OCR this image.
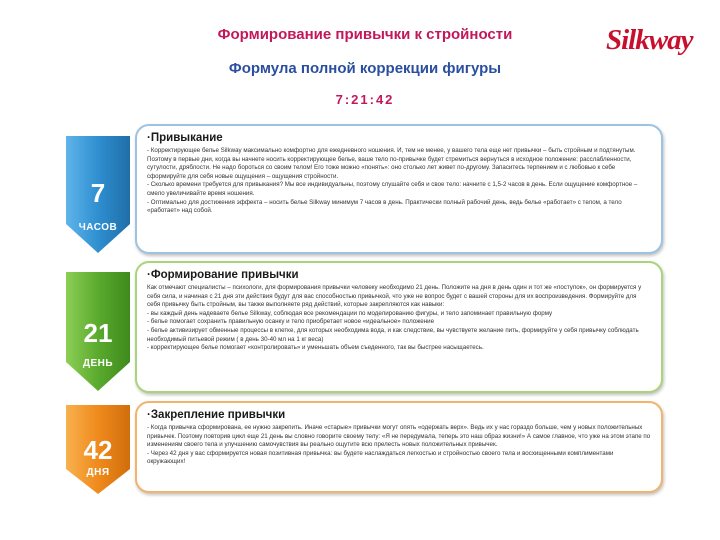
Формирование привычки к стройности
Формула полной коррекции фигуры
7:21:42
Silkway
7
ЧАСОВ
21
ДЕНЬ
42
ДНЯ
·Привыкание

- Корректирующее белье Silkway максимально комфортно для ежедневного ношения. И, тем не менее, у вашего тела еще нет привычки – быть стройным и подтянутым. Поэтому в первые дни, когда вы начнете носить корректирующее белье, ваше тело по-привычке будет стремиться вернуться в исходное положение: расслабленности, сутулости, дряблости. Не надо бороться со своим телом! Его тоже можно «понять»: оно столько лет живет по-другому. Запаситесь терпением и с любовью к себе сформируйте для себя новые ощущения – ощущения стройности.

- Сколько времени требуется для привыкания? Мы все индивидуальны, поэтому слушайте себя и свое тело: начните с 1,5-2 часов в день. Если ощущение комфортное – смело увеличивайте время ношения.

- Оптимально для достижения эффекта – носить белье Silkway минимум 7 часов в день. Практически полный рабочий день, ведь белье «работает» с телом, а тело «работает» над собой.

·Формирование привычки

Как отмечают специалисты – психологи, для формирования привычки человеку необходимо 21 день. Положите на дня в день один и тот же «поступок», он формируется у себя сила, и начиная с 21 дня эти действия будут для вас способностью привычкой, что уже не вопрос будет с вашей стороны для их воспроизведения. Формируйте для себя привычку быть стройным, вы также выполняете ряд действий, которые закрепляются как навыки:

- вы каждый день надеваете белье Silkway, соблюдая все рекомендации по моделированию фигуры, и тело запоминает правильную форму

- белье помогает сохранить правильную осанку и тело приобретает новое «идеальное» положение

- белье активизирует обменные процессы в клетке, для которых необходима вода, и как следствие, вы чувствуете желание пить, формируйте у себя привычку соблюдать необходимый питьевой режим ( в день 30-40 мл на 1 кг веса)

- корректирующее белье помогает «контролировать» и уменьшать объем съеденного, так вы быстрее насыщаетесь.

·Закрепление привычки

- Когда привычка сформирована, ее нужно закрепить. Иначе «старые» привычки могут опять «одержать верх». Ведь их у нас гораздо больше, чем у новых положительных привычек. Поэтому повторив цикл еще 21 день вы словно говорите своему телу: «Я не передумала, теперь это наш образ жизни!» А самое главное, что уже на этом этапе по изменениям своего тела и улучшению самочувствия вы реально ощутите всю прелесть новых положительных привычек.

- Через 42 дня у вас сформируется новая позитивная привычка: вы будете наслаждаться легкостью и стройностью своего тела и восхищенными комплиментами окружающих!
